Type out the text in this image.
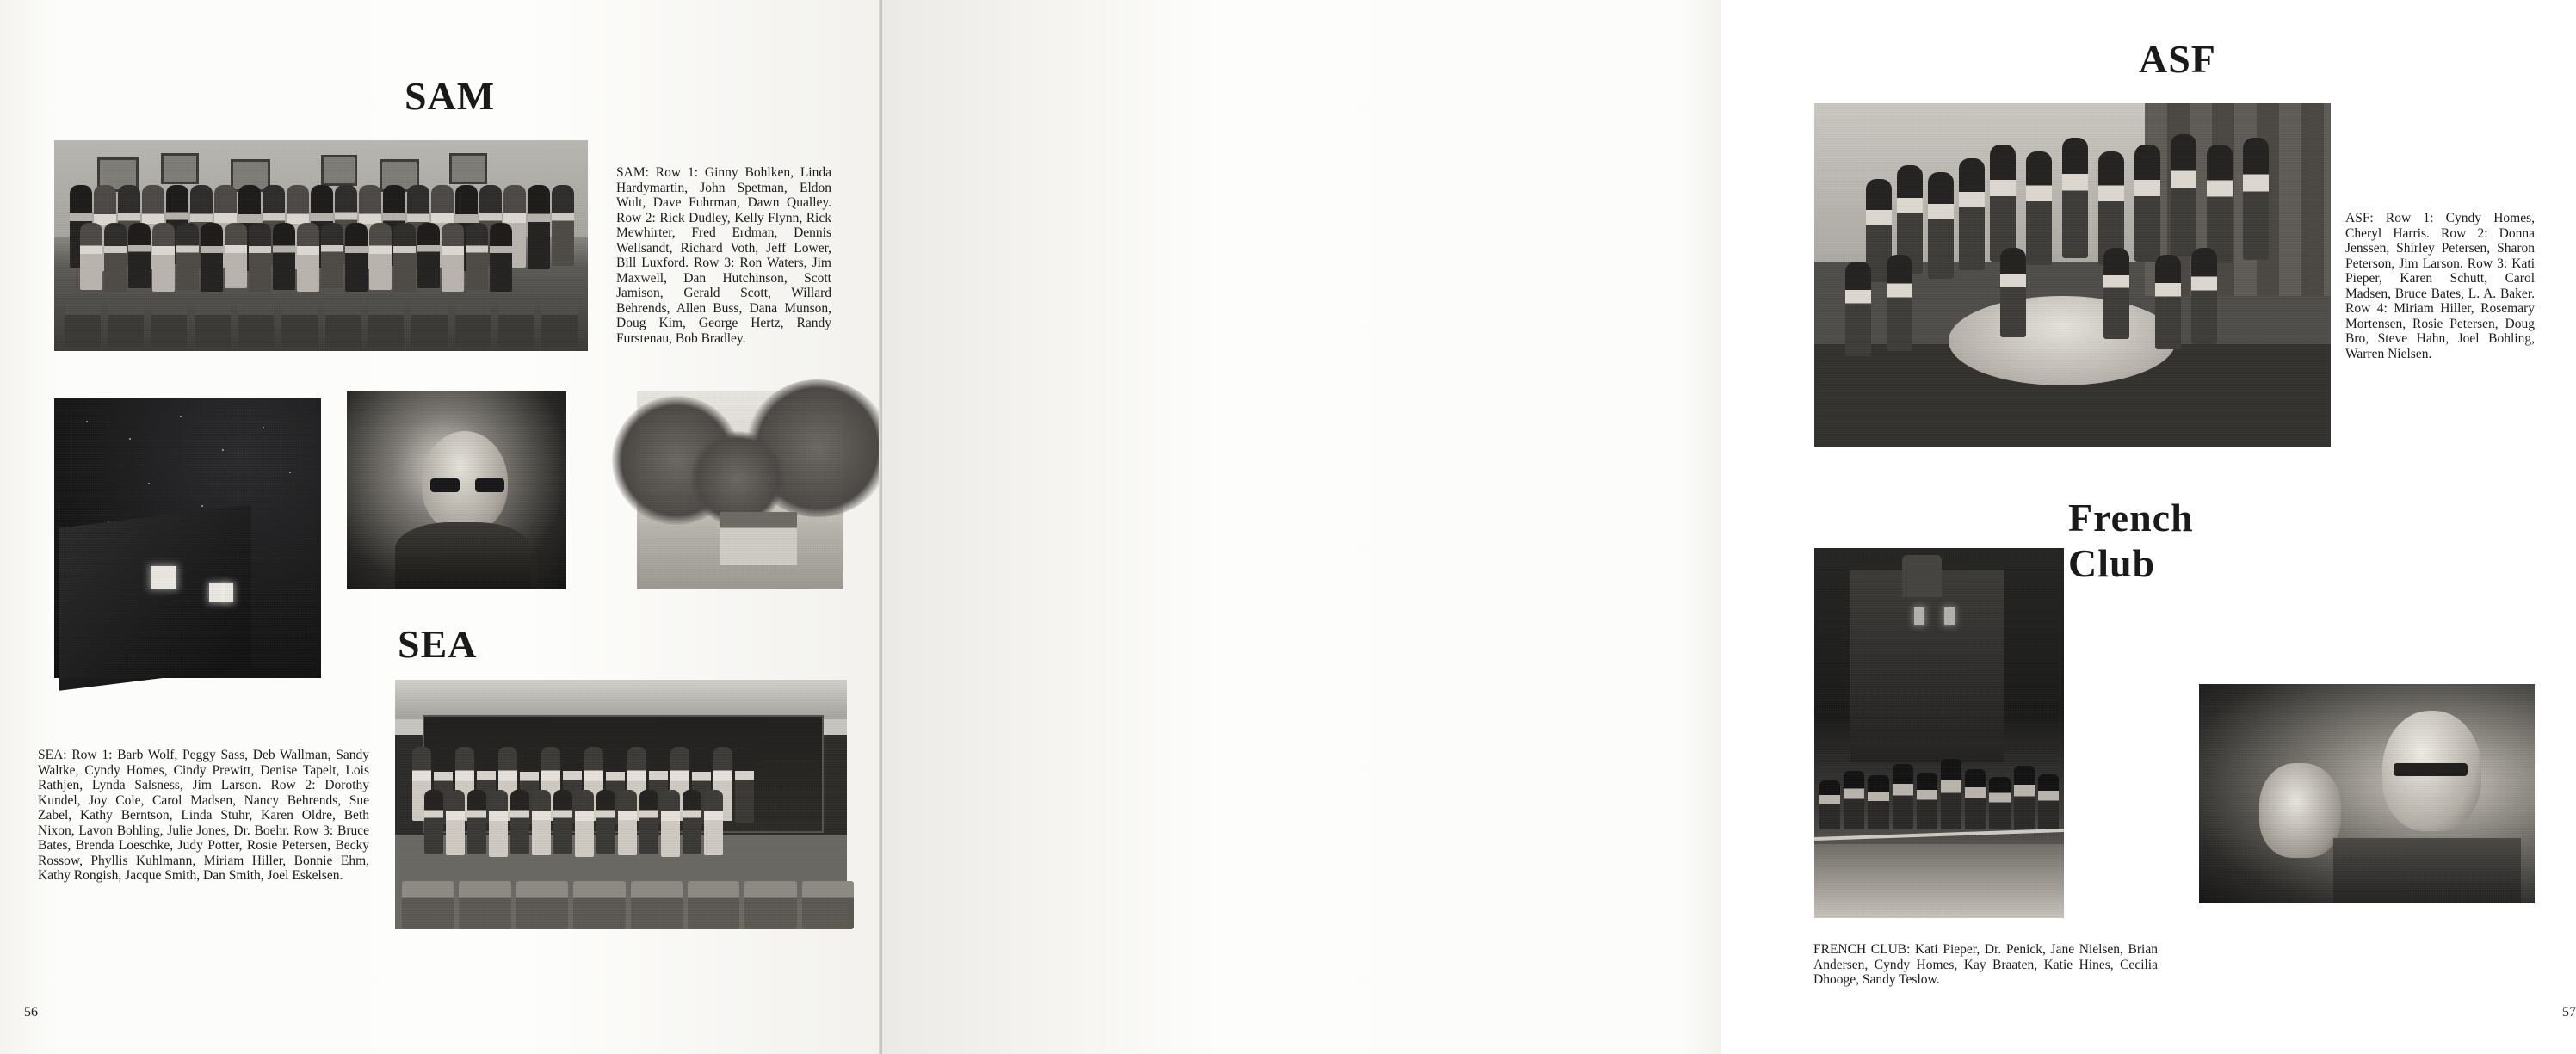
SAM
SAM: Row 1: Ginny Bohlken, Linda Hardymartin, John Spetman, Eldon Wult, Dave Fuhrman, Dawn Qualley. Row 2: Rick Dudley, Kelly Flynn, Rick Mewhirter, Fred Erdman, Dennis Wellsandt, Richard Voth, Jeff Lower, Bill Luxford. Row 3: Ron Waters, Jim Maxwell, Dan Hutchinson, Scott Jamison, Gerald Scott, Willard Behrends, Allen Buss, Dana Munson, Doug Kim, George Hertz, Randy Furstenau, Bob Bradley.
SEA
SEA: Row 1: Barb Wolf, Peggy Sass, Deb Wallman, Sandy Waltke, Cyndy Homes, Cindy Prewitt, Denise Tapelt, Lois Rathjen, Lynda Salsness, Jim Larson. Row 2: Dorothy Kundel, Joy Cole, Carol Madsen, Nancy Behrends, Sue Zabel, Kathy Berntson, Linda Stuhr, Karen Oldre, Beth Nixon, Lavon Bohling, Julie Jones, Dr. Boehr. Row 3: Bruce Bates, Brenda Loeschke, Judy Potter, Rosie Petersen, Becky Rossow, Phyllis Kuhlmann, Miriam Hiller, Bonnie Ehm, Kathy Rongish, Jacque Smith, Dan Smith, Joel Eskelsen.
56
ASF
ASF: Row 1: Cyndy Homes, Cheryl Harris. Row 2: Donna Jenssen, Shirley Petersen, Sharon Peterson, Jim Larson. Row 3: Kati Pieper, Karen Schutt, Carol Madsen, Bruce Bates, L. A. Baker. Row 4: Miriam Hiller, Rosemary Mortensen, Rosie Petersen, Doug Bro, Steve Hahn, Joel Bohling, Warren Nielsen.
French Club
FRENCH CLUB: Kati Pieper, Dr. Penick, Jane Nielsen, Brian Andersen, Cyndy Homes, Kay Braaten, Katie Hines, Cecilia Dhooge, Sandy Teslow.
57
